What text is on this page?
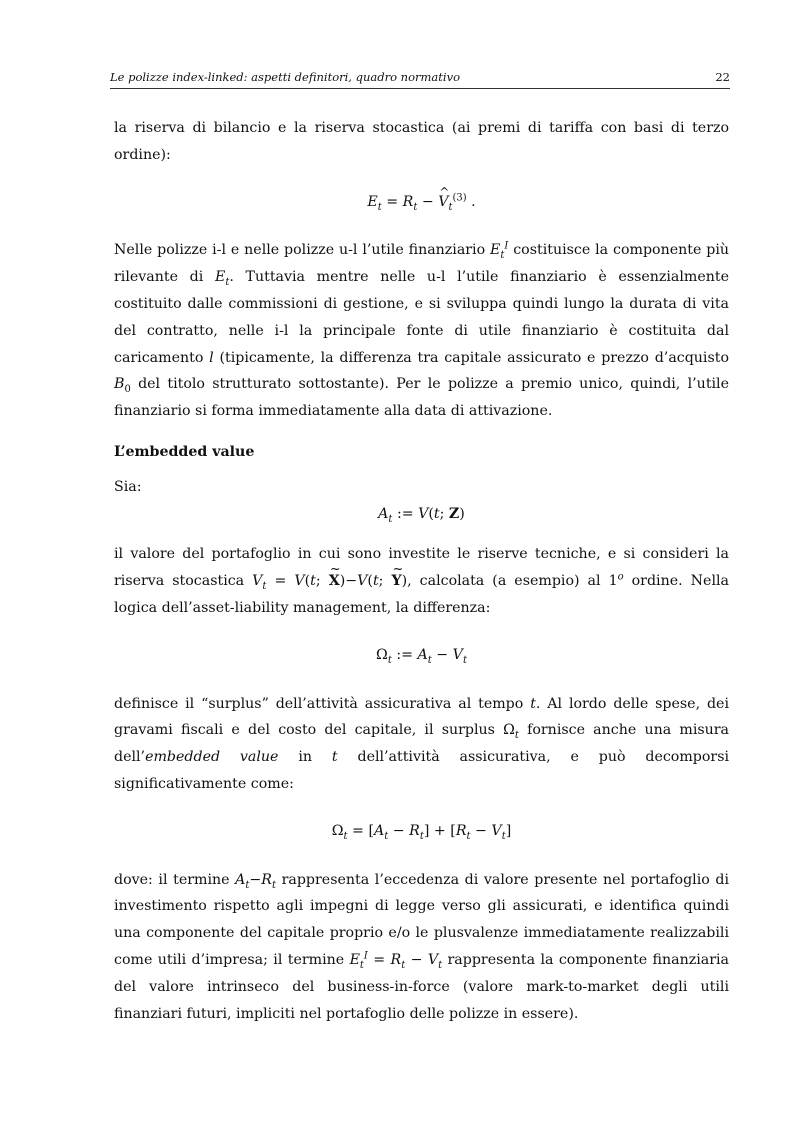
Le polizze index-linked: aspetti definitori, quadro normativo	22

la riserva di bilancio e la riserva stocastica (ai premi di tariffa con basi di terzo ordine):

$E_t = R_t$ − ^ $V_t^{(3)}$ .

Nelle polizze i-l e nelle polizze u-l l’utile finanziario $E_t^I$ costituisce la componente più rilevante di $E_t$. Tuttavia mentre nelle u-l l’utile finanziario è essenzialmente costituito dalle commissioni di gestione, e si sviluppa quindi lungo la durata di vita del contratto, nelle i-l la principale fonte di utile finanziario è costituita dal caricamento l (tipicamente, la differenza tra capitale assicurato e prezzo d’acquisto $B_0$ del titolo strutturato sottostante). Per le polizze a premio unico, quindi, l’utile finanziario si forma immediatamente alla data di attivazione.

L’embedded value

Sia:

$A_t$ := V(t; Z)

il valore del portafoglio in cui sono investite le riserve tecniche, e si consideri la riserva stocastica $V_t = V(t$; ~ X)−V(t; ~ Y), calcolata (a esempio) al 1$^o$ ordine. Nella logica dell’asset-liability management, la differenza:

$\Omega_t$ := $A_t - V_t$

definisce il “surplus” dell’attività assicurativa al tempo t. Al lordo delle spese, dei gravami fiscali e del costo del capitale, il surplus $\Omega_t$ fornisce anche una misura dell’embedded value in t dell’attività assicurativa, e può decomporsi significativamente come:

$\Omega_t = [A_t - R_t] + [R_t - V_t]$

dove: il termine $A_t-R_t$ rappresenta l’eccedenza di valore presente nel portafoglio di investimento rispetto agli impegni di legge verso gli assicurati, e identifica quindi una componente del capitale proprio e/o le plusvalenze immediatamente realizzabili come utili d’impresa; il termine $E_t^I = R_t - V_t$ rappresenta la componente finanziaria del valore intrinseco del business-in-force (valore mark-to-market degli utili finanziari futuri, impliciti nel portafoglio delle polizze in essere).
